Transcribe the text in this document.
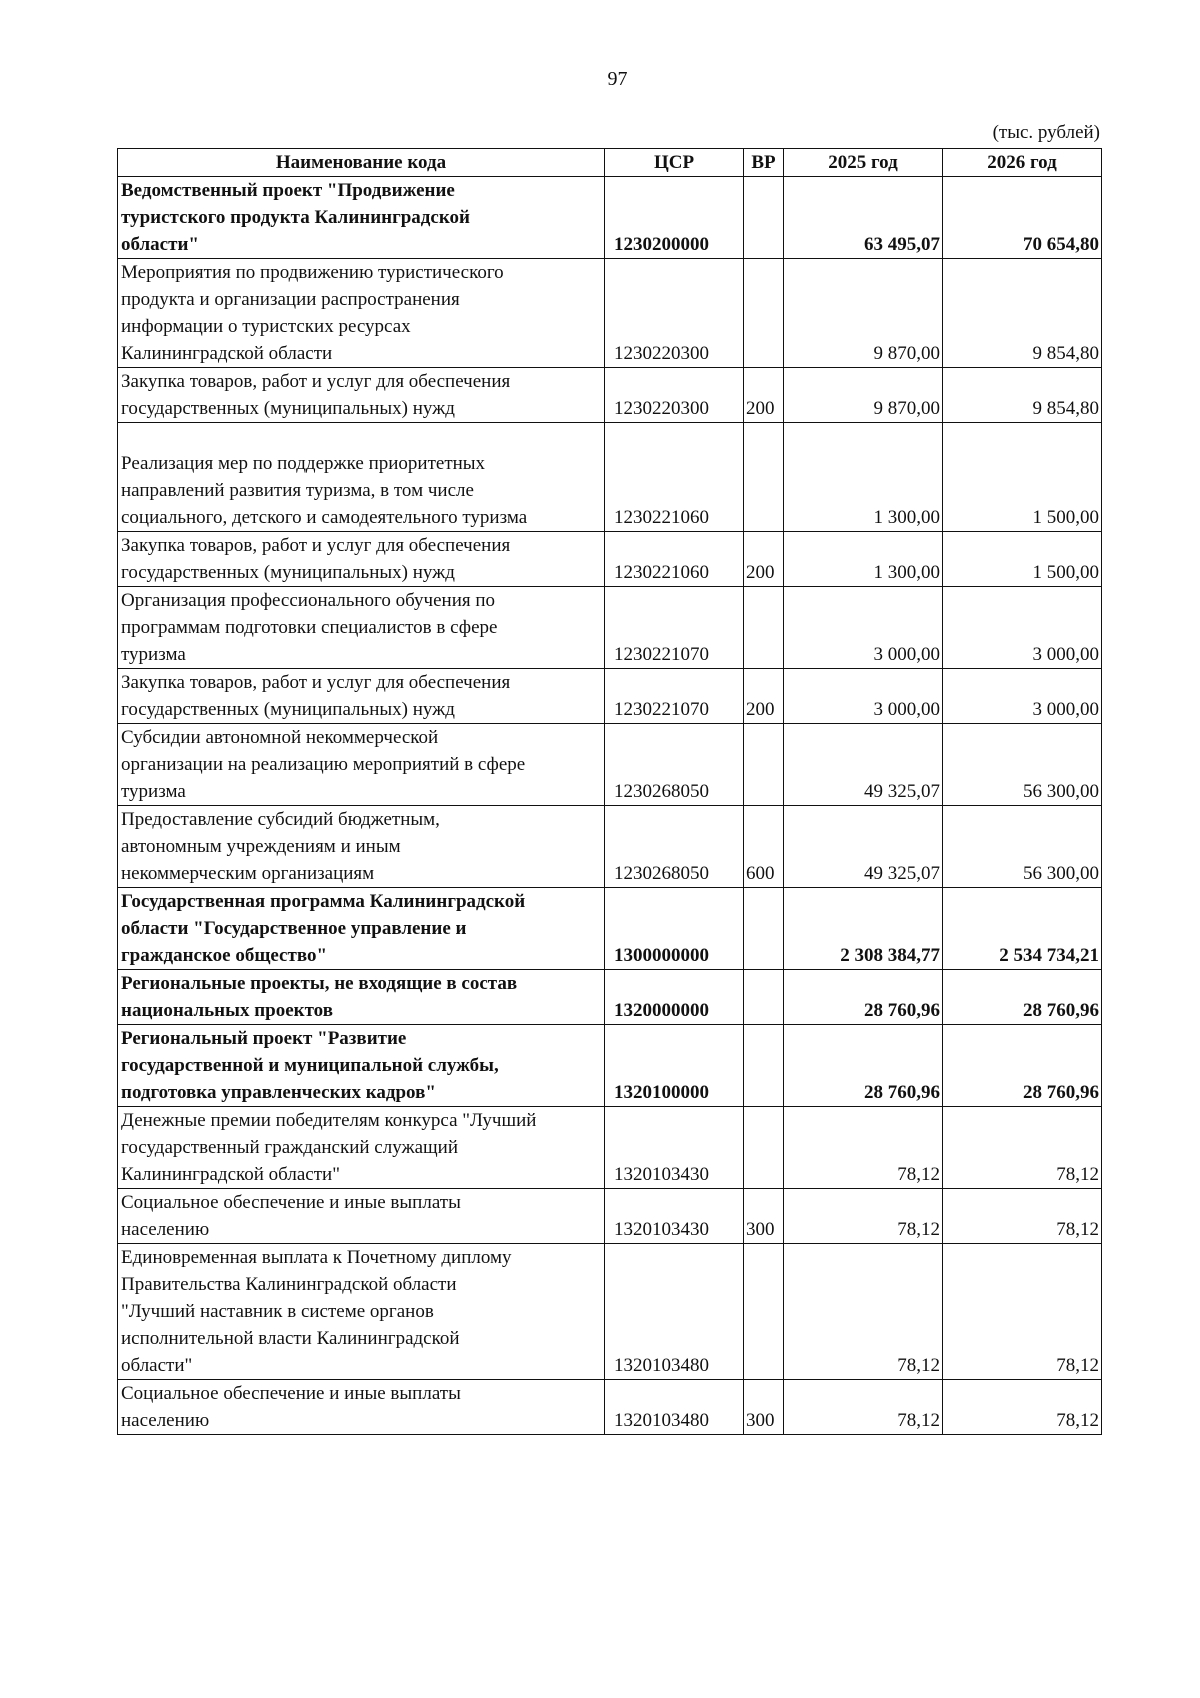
97
(тыс. рублей)
Наименование кода	ЦСР	ВР	2025 год	2026 год

Ведомственный проект "Продвижение
туристского продукта Калининградской
области"	1230200000		63 495,07	70 654,80

Мероприятия по продвижению туристического
продукта и организации распространения
информации о туристских ресурсах
Калининградской области	1230220300		9 870,00	9 854,80

Закупка товаров, работ и услуг для обеспечения
государственных (муниципальных) нужд	1230220300	200	9 870,00	9 854,80

Реализация мер по поддержке приоритетных
направлений развития туризма, в том числе
социального, детского и самодеятельного туризма	1230221060		1 300,00	1 500,00

Закупка товаров, работ и услуг для обеспечения
государственных (муниципальных) нужд	1230221060	200	1 300,00	1 500,00

Организация профессионального обучения по
программам подготовки специалистов в сфере
туризма	1230221070		3 000,00	3 000,00

Закупка товаров, работ и услуг для обеспечения
государственных (муниципальных) нужд	1230221070	200	3 000,00	3 000,00

Субсидии автономной некоммерческой
организации на реализацию мероприятий в сфере
туризма	1230268050		49 325,07	56 300,00

Предоставление субсидий бюджетным,
автономным учреждениям и иным
некоммерческим организациям	1230268050	600	49 325,07	56 300,00

Государственная программа Калининградской
области "Государственное управление и
гражданское общество"	1300000000		2 308 384,77	2 534 734,21

Региональные проекты, не входящие в состав
национальных проектов	1320000000		28 760,96	28 760,96

Региональный проект "Развитие
государственной и муниципальной службы,
подготовка управленческих кадров"	1320100000		28 760,96	28 760,96

Денежные премии победителям конкурса "Лучший
государственный гражданский служащий
Калининградской области"	1320103430		78,12	78,12

Социальное обеспечение и иные выплаты
населению	1320103430	300	78,12	78,12

Единовременная выплата к Почетному диплому
Правительства Калининградской области
"Лучший наставник в системе органов
исполнительной власти Калининградской
области"	1320103480		78,12	78,12

Социальное обеспечение и иные выплаты
населению	1320103480	300	78,12	78,12
